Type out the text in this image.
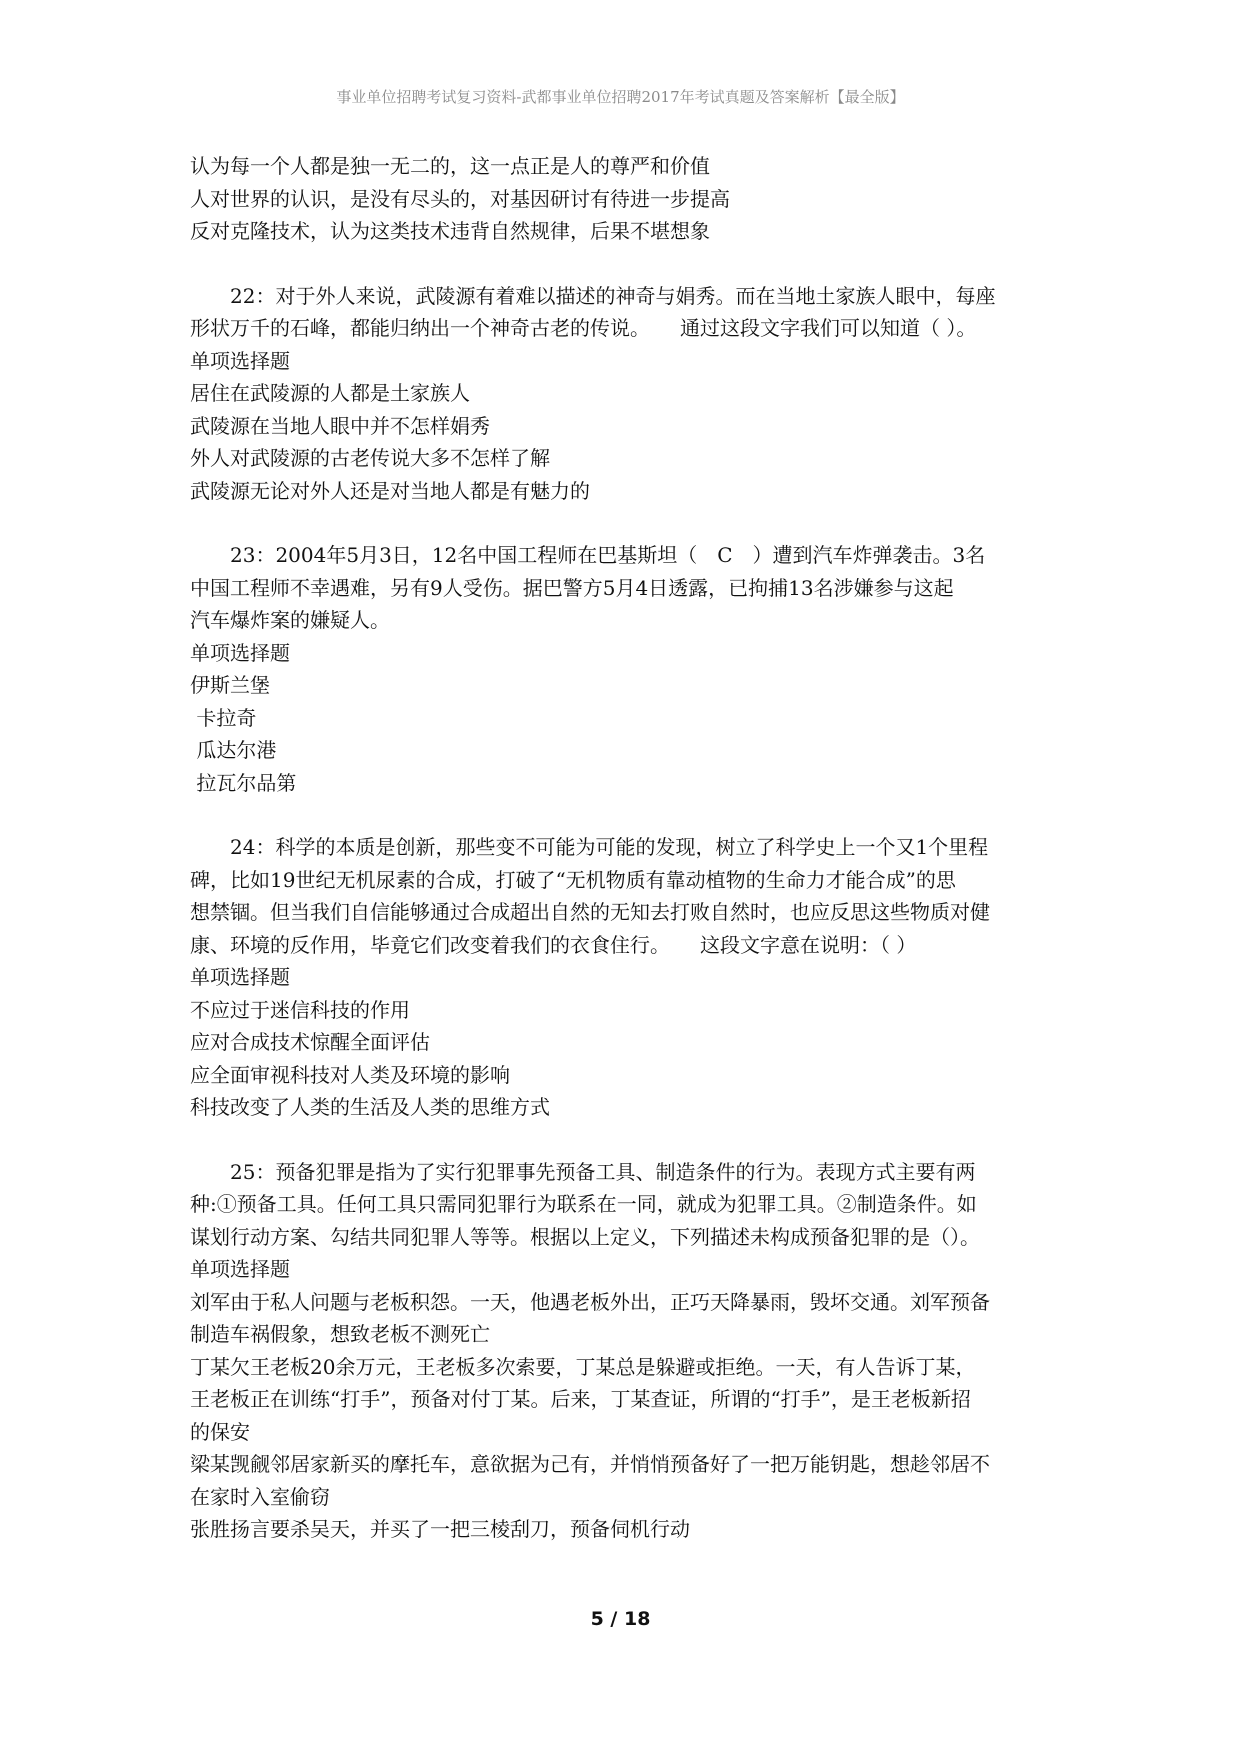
事业单位招聘考试复习资料-武都事业单位招聘2017年考试真题及答案解析【最全版】

认为每一个人都是独一无二的，这一点正是人的尊严和价值

人对世界的认识，是没有尽头的，对基因研讨有待进一步提高

反对克隆技术，认为这类技术违背自然规律，后果不堪想象

22：对于外人来说，武陵源有着难以描述的神奇与娟秀。而在当地土家族人眼中，每座

形状万千的石峰，都能归纳出一个神奇古老的传说。　　通过这段文字我们可以知道（ ）。

单项选择题

居住在武陵源的人都是土家族人

武陵源在当地人眼中并不怎样娟秀

外人对武陵源的古老传说大多不怎样了解

武陵源无论对外人还是对当地人都是有魅力的

23：2004年5月3日，12名中国工程师在巴基斯坦（　C　）遭到汽车炸弹袭击。3名

中国工程师不幸遇难，另有9人受伤。据巴警方5月4日透露，已拘捕13名涉嫌参与这起

汽车爆炸案的嫌疑人。

单项选择题

伊斯兰堡

卡拉奇

瓜达尔港

拉瓦尔品第

24：科学的本质是创新，那些变不可能为可能的发现，树立了科学史上一个又1个里程

碑，比如19世纪无机尿素的合成，打破了“无机物质有靠动植物的生命力才能合成”的思

想禁锢。但当我们自信能够通过合成超出自然的无知去打败自然时，也应反思这些物质对健

康、环境的反作用，毕竟它们改变着我们的衣食住行。　　这段文字意在说明：（ ）

单项选择题

不应过于迷信科技的作用

应对合成技术惊醒全面评估

应全面审视科技对人类及环境的影响

科技改变了人类的生活及人类的思维方式

25：预备犯罪是指为了实行犯罪事先预备工具、制造条件的行为。表现方式主要有两

种:①预备工具。任何工具只需同犯罪行为联系在一同，就成为犯罪工具。②制造条件。如

谋划行动方案、勾结共同犯罪人等等。根据以上定义，下列描述未构成预备犯罪的是（）。

单项选择题

刘军由于私人问题与老板积怨。一天，他遇老板外出，正巧天降暴雨，毁坏交通。刘军预备
制造车祸假象，想致老板不测死亡

丁某欠王老板20余万元，王老板多次索要，丁某总是躲避或拒绝。一天，有人告诉丁某，
王老板正在训练“打手”，预备对付丁某。后来，丁某查证，所谓的“打手”，是王老板新招
的保安

梁某觊觎邻居家新买的摩托车，意欲据为己有，并悄悄预备好了一把万能钥匙，想趁邻居不
在家时入室偷窃

张胜扬言要杀吴天，并买了一把三棱刮刀，预备伺机行动

5 / 18
